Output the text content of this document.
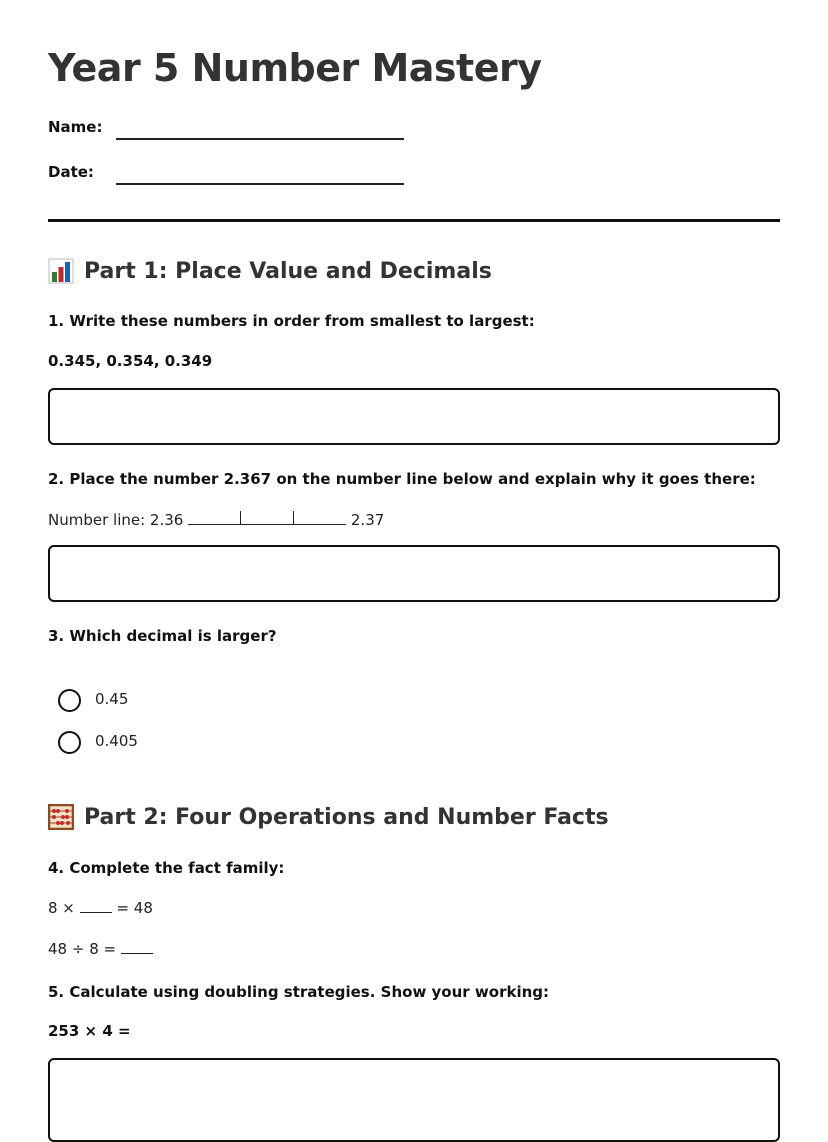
Year 5 Number Mastery
Name:
Date:
Part 1: Place Value and Decimals
1. Write these numbers in order from smallest to largest:
0.345, 0.354, 0.349
2. Place the number 2.367 on the number line below and explain why it goes there:
Number line: 2.36	2.37
3. Which decimal is larger?
0.45
0.405
Part 2: Four Operations and Number Facts
4. Complete the fact family:
8 ×	= 48
48 ÷ 8 =
5. Calculate using doubling strategies. Show your working:
253 × 4 =
